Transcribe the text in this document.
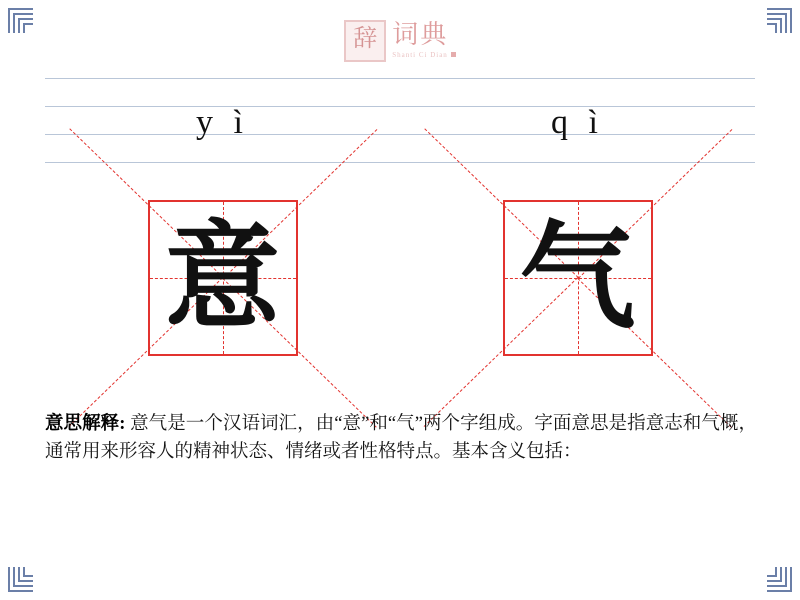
辞 词典
Shanti Ci Dian
y ì	q ì
意 气
意思解释: 意气是一个汉语词汇，由“意”和“气”两个字组成。字面意思是指意志和气概，通常用来形容人的精神状态、情绪或者性格特点。基本含义包括：
